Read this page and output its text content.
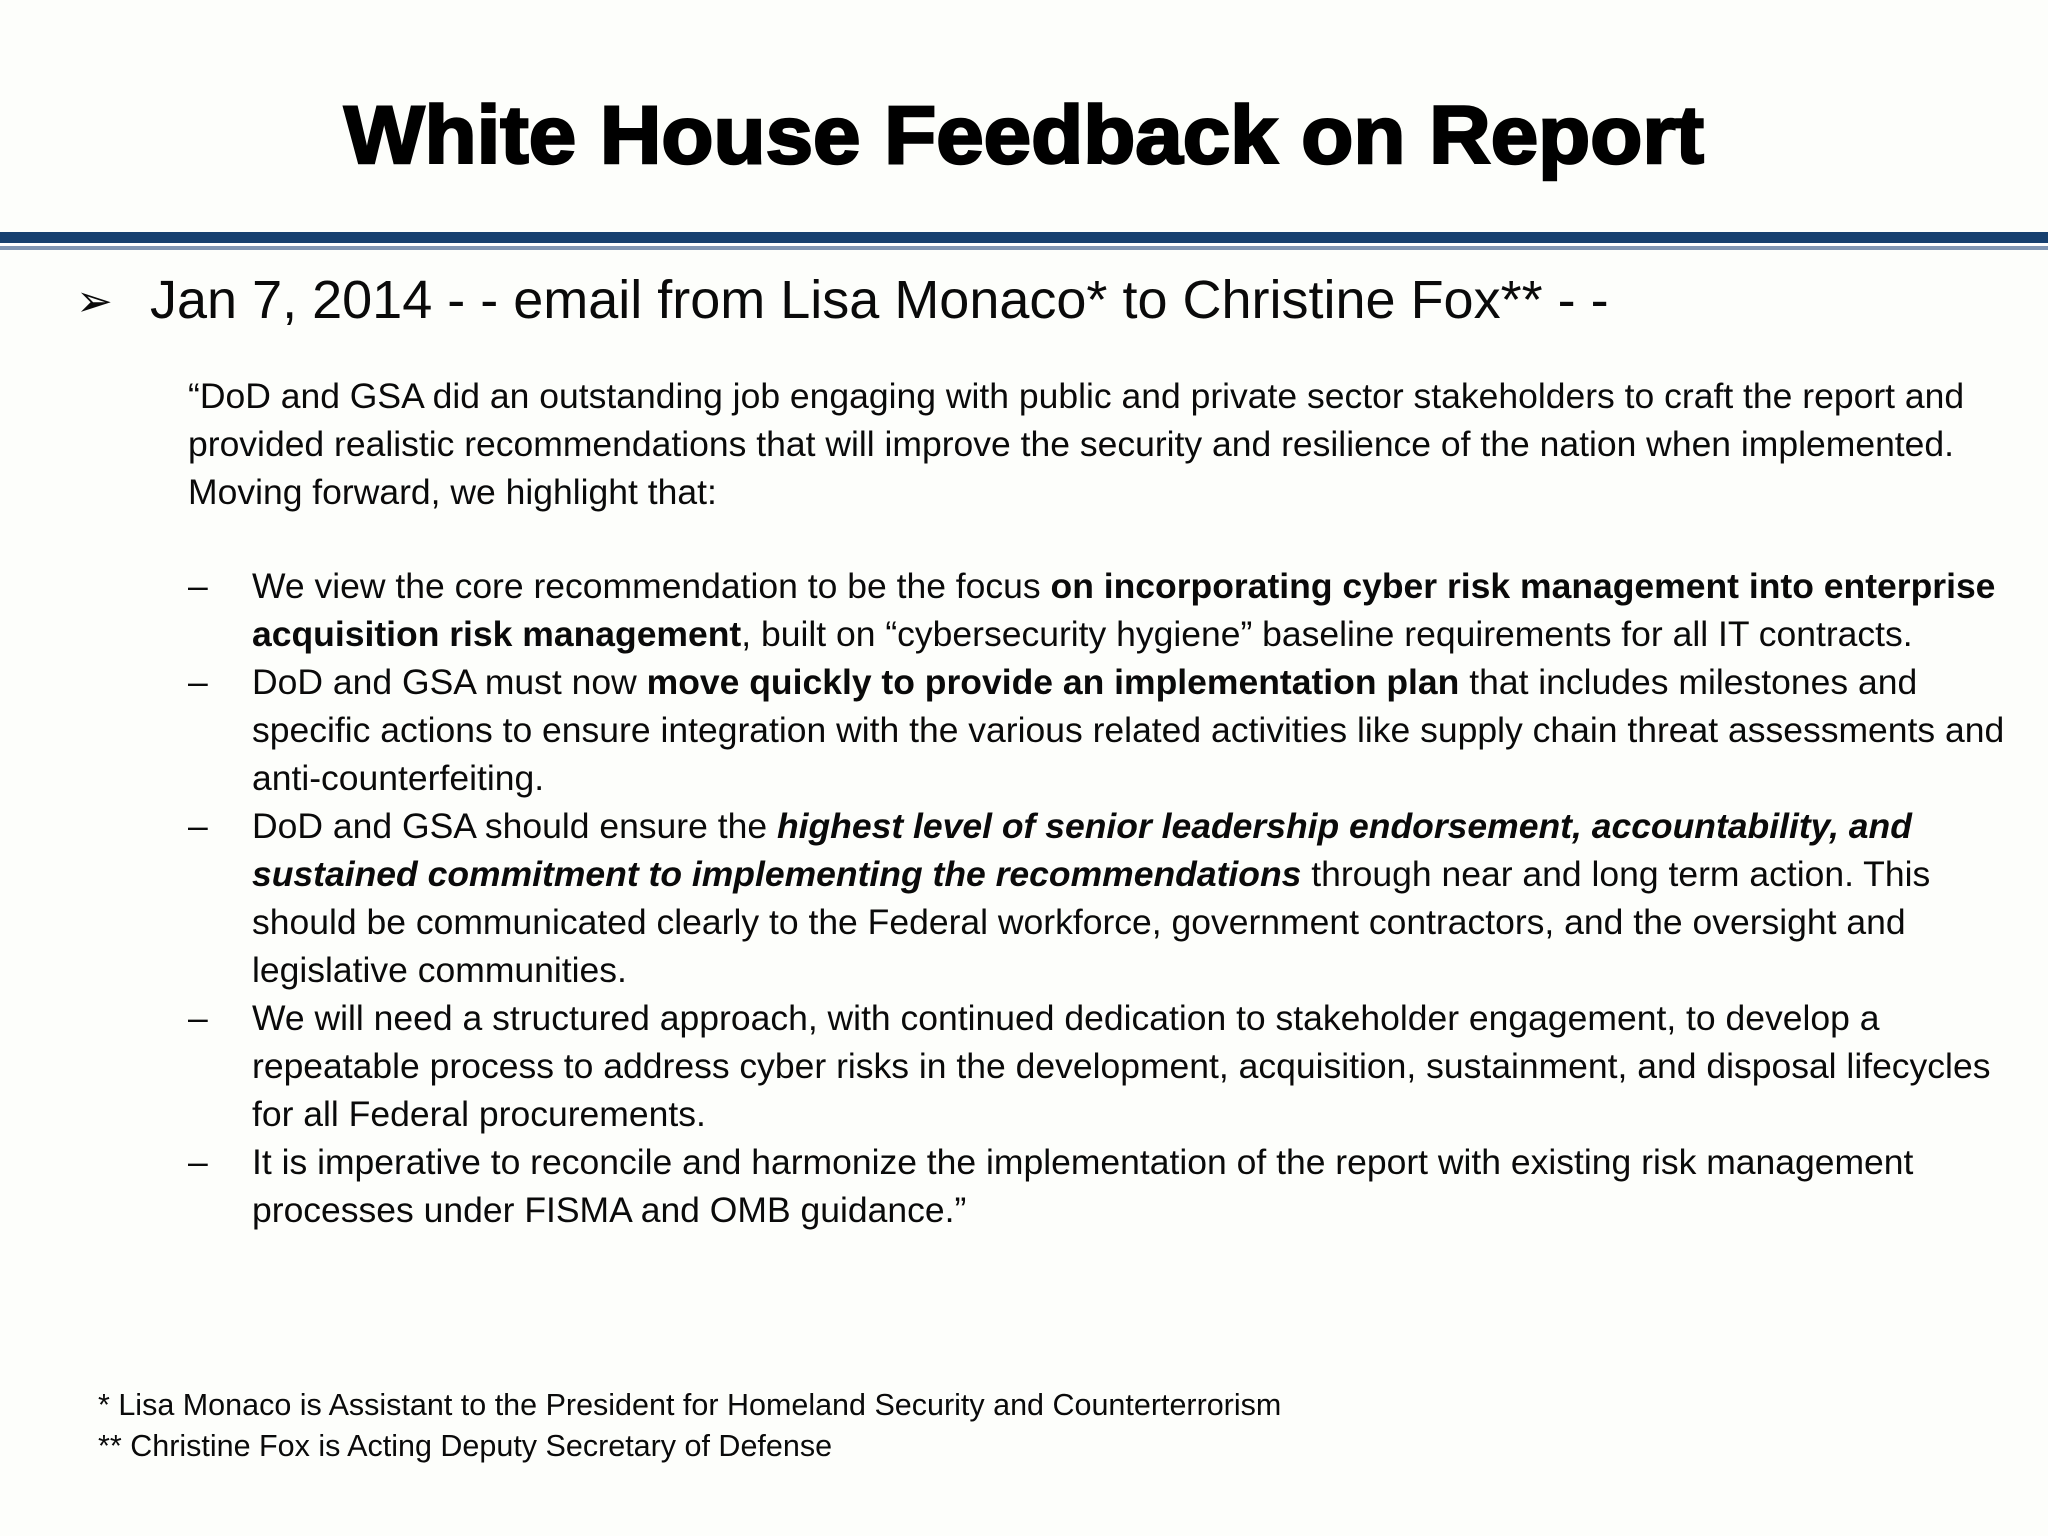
White House Feedback on Report
➢ Jan 7, 2014 - - email from Lisa Monaco* to Christine Fox** - -

“DoD and GSA did an outstanding job engaging with public and private sector stakeholders to craft the report and provided realistic recommendations that will improve the security and resilience of the nation when implemented. Moving forward, we highlight that:

– We view the core recommendation to be the focus on incorporating cyber risk management into enterprise acquisition risk management, built on “cybersecurity hygiene” baseline requirements for all IT contracts.
– DoD and GSA must now move quickly to provide an implementation plan that includes milestones and specific actions to ensure integration with the various related activities like supply chain threat assessments and anti-counterfeiting.
– DoD and GSA should ensure the highest level of senior leadership endorsement, accountability, and sustained commitment to implementing the recommendations through near and long term action. This should be communicated clearly to the Federal workforce, government contractors, and the oversight and legislative communities.
– We will need a structured approach, with continued dedication to stakeholder engagement, to develop a repeatable process to address cyber risks in the development, acquisition, sustainment, and disposal lifecycles for all Federal procurements.
– It is imperative to reconcile and harmonize the implementation of the report with existing risk management processes under FISMA and OMB guidance.”
* Lisa Monaco is Assistant to the President for Homeland Security and Counterterrorism
** Christine Fox is Acting Deputy Secretary of Defense
